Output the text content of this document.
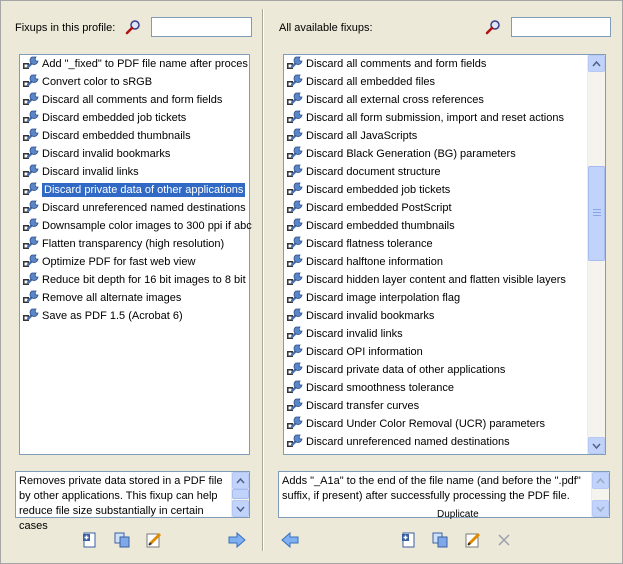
Fixups in this profile:
Add "_fixed" to PDF file name after proces
Convert color to sRGB
Discard all comments and form fields
Discard embedded job tickets
Discard embedded thumbnails
Discard invalid bookmarks
Discard invalid links
Discard private data of other applications
Discard unreferenced named destinations
Downsample color images to 300 ppi if abc
Flatten transparency (high resolution)
Optimize PDF for fast web view
Reduce bit depth for 16 bit images to 8 bit
Remove all alternate images
Save as PDF 1.5 (Acrobat 6)
Removes private data stored in a PDF file by other applications. This fixup can help reduce file size substantially in certain cases
All available fixups:
Discard all comments and form fields
Discard all embedded files
Discard all external cross references
Discard all form submission, import and reset actions
Discard all JavaScripts
Discard Black Generation (BG) parameters
Discard document structure
Discard embedded job tickets
Discard embedded PostScript
Discard embedded thumbnails
Discard flatness tolerance
Discard halftone information
Discard hidden layer content and flatten visible layers
Discard image interpolation flag
Discard invalid bookmarks
Discard invalid links
Discard OPI information
Discard private data of other applications
Discard smoothness tolerance
Discard transfer curves
Discard Under Color Removal (UCR) parameters
Discard unreferenced named destinations
Adds "_A1a" to the end of the file name (and before the ".pdf" suffix, if present) after successfully processing the PDF file.
Duplicate
